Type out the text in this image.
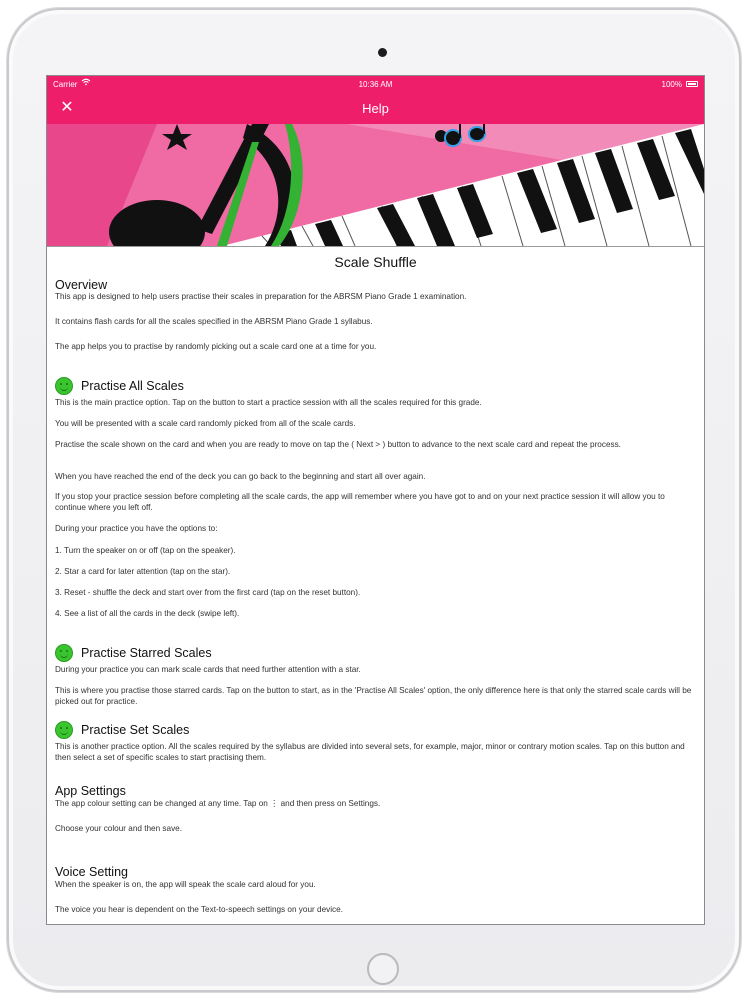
Carrier	10:36 AM	100%
✕	Help
Scale Shuffle
Overview
This app is designed to help users practise their scales in preparation for the ABRSM Piano Grade 1 examination.
It contains flash cards for all the scales specified in the ABRSM Piano Grade 1 syllabus.
The app helps you to practise by randomly picking out a scale card one at a time for you.
Practise All Scales
This is the main practice option. Tap on the button to start a practice session with all the scales required for this grade.
You will be presented with a scale card randomly picked from all of the scale cards.
Practise the scale shown on the card and when you are ready to move on tap the ( Next > ) button to advance to the next scale card and repeat the process.
When you have reached the end of the deck you can go back to the beginning and start all over again.
If you stop your practice session before completing all the scale cards, the app will remember where you have got to and on your next practice session it will allow you to continue where you left off.
During your practice you have the options to:
1. Turn the speaker on or off (tap on the speaker).
2. Star a card for later attention (tap on the star).
3. Reset - shuffle the deck and start over from the first card (tap on the reset button).
4. See a list of all the cards in the deck (swipe left).
Practise Starred Scales
During your practice you can mark scale cards that need further attention with a star.
This is where you practise those starred cards. Tap on the button to start, as in the 'Practise All Scales' option, the only difference here is that only the starred scale cards will be picked out for practice.
Practise Set Scales
This is another practice option. All the scales required by the syllabus are divided into several sets, for example, major, minor or contrary motion scales. Tap on this button and then select a set of specific scales to start practising them.
App Settings
The app colour setting can be changed at any time. Tap on ⋮ and then press on Settings.
Choose your colour and then save.
Voice Setting
When the speaker is on, the app will speak the scale card aloud for you.
The voice you hear is dependent on the Text-to-speech settings on your device.
